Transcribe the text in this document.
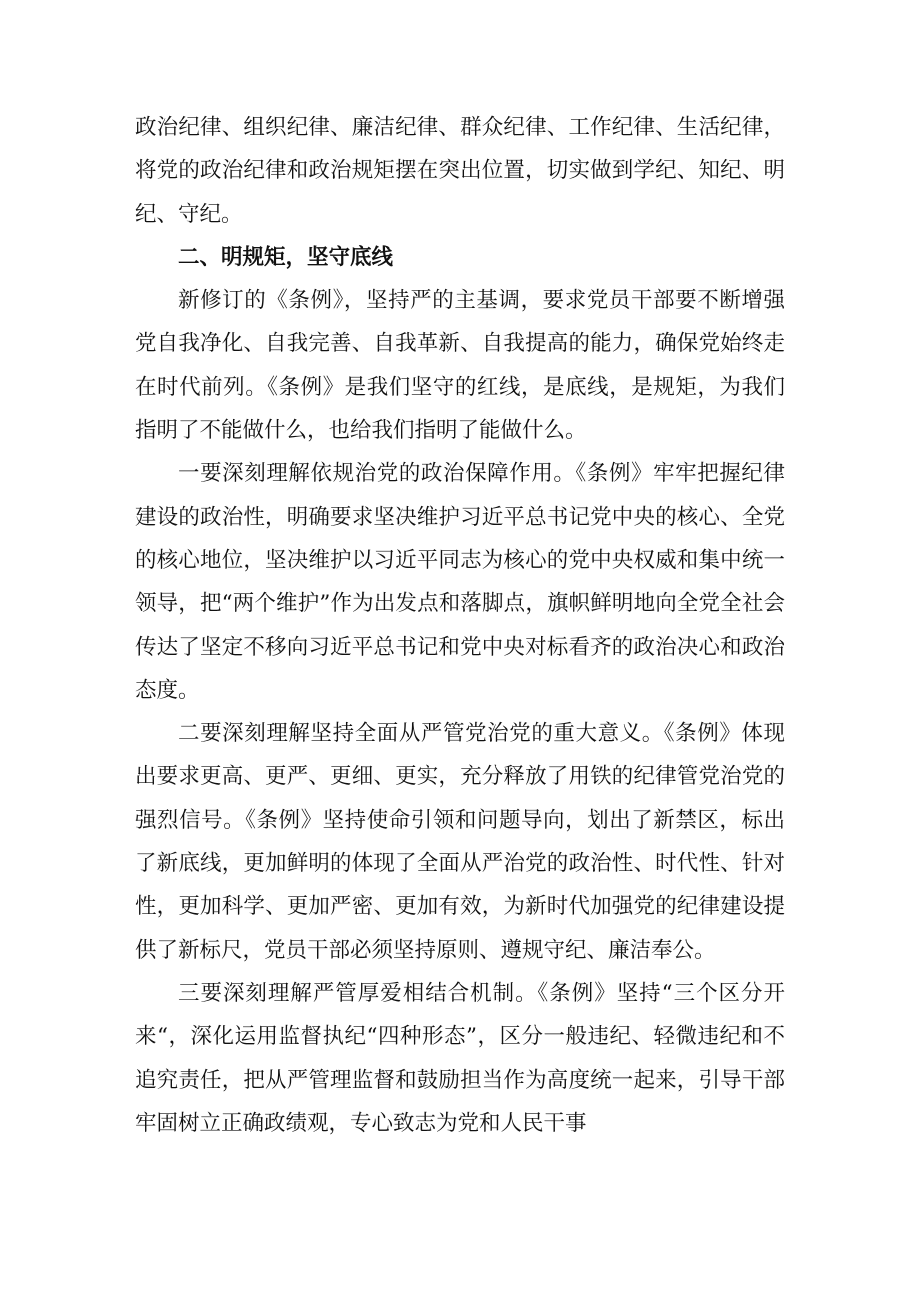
政治纪律、组织纪律、廉洁纪律、群众纪律、工作纪律、生活纪律，将党的政治纪律和政治规矩摆在突出位置，切实做到学纪、知纪、明纪、守纪。

二、明规矩，坚守底线

新修订的《条例》，坚持严的主基调，要求党员干部要不断增强党自我净化、自我完善、自我革新、自我提高的能力，确保党始终走在时代前列。《条例》是我们坚守的红线，是底线，是规矩，为我们指明了不能做什么，也给我们指明了能做什么。

一要深刻理解依规治党的政治保障作用。《条例》牢牢把握纪律建设的政治性，明确要求坚决维护习近平总书记党中央的核心、全党的核心地位，坚决维护以习近平同志为核心的党中央权威和集中统一领导，把“两个维护”作为出发点和落脚点，旗帜鲜明地向全党全社会传达了坚定不移向习近平总书记和党中央对标看齐的政治决心和政治态度。

二要深刻理解坚持全面从严管党治党的重大意义。《条例》体现出要求更高、更严、更细、更实，充分释放了用铁的纪律管党治党的强烈信号。《条例》坚持使命引领和问题导向，划出了新禁区，标出了新底线，更加鲜明的体现了全面从严治党的政治性、时代性、针对性，更加科学、更加严密、更加有效，为新时代加强党的纪律建设提供了新标尺，党员干部必须坚持原则、遵规守纪、廉洁奉公。

三要深刻理解严管厚爱相结合机制。《条例》坚持“三个区分开来“，深化运用监督执纪“四种形态”，区分一般违纪、轻微违纪和不追究责任，把从严管理监督和鼓励担当作为高度统一起来，引导干部牢固树立正确政绩观，专心致志为党和人民干事
